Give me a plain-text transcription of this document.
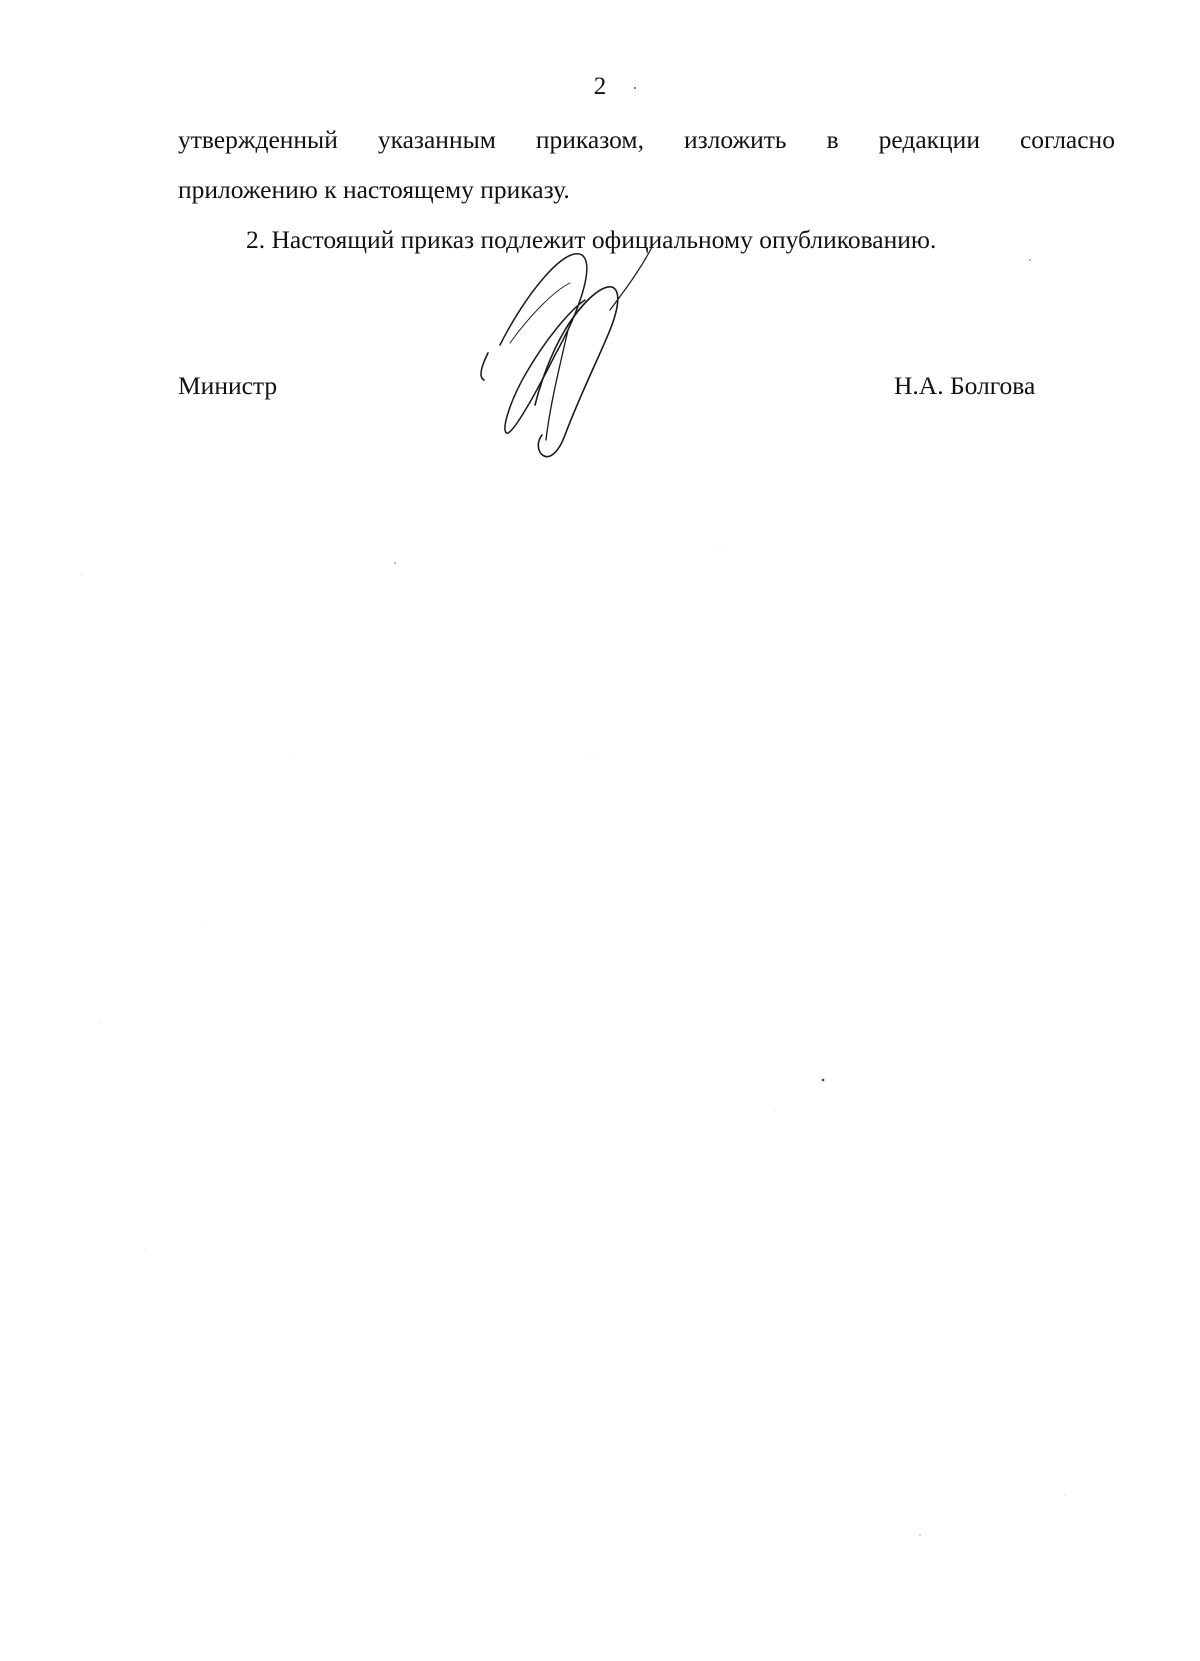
2
утвержденный указанным приказом, изложить в редакции согласно
приложению к настоящему приказу.
2. Настоящий приказ подлежит официальному опубликованию.
Министр	Н.А. Болгова
